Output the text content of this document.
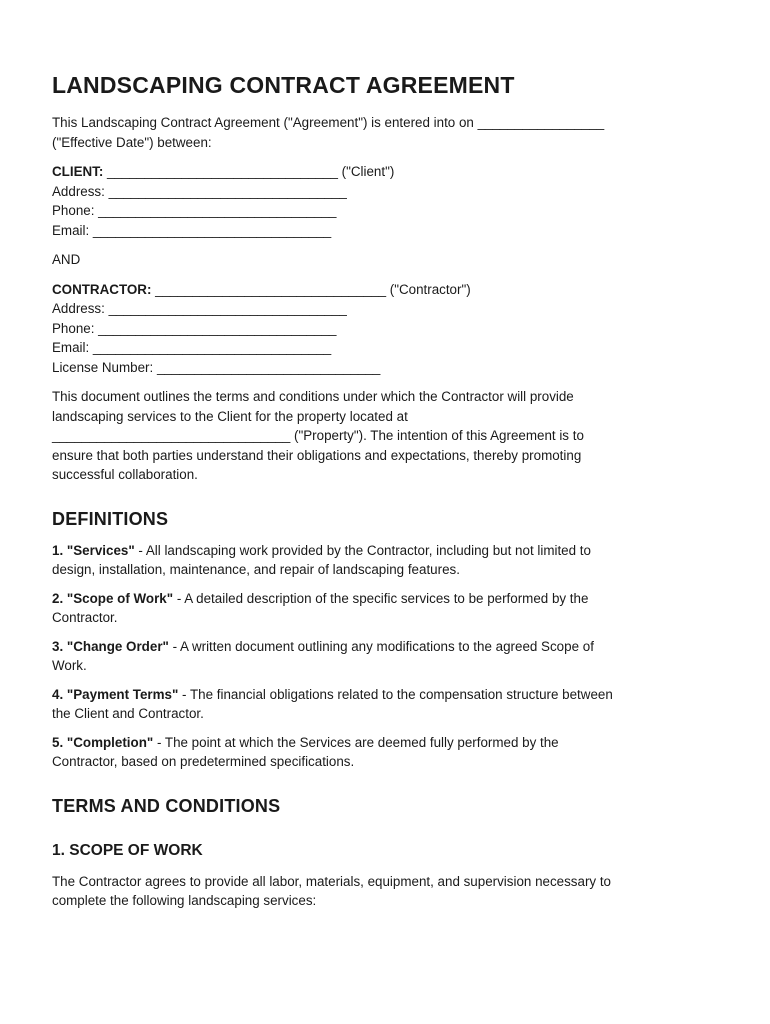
LANDSCAPING CONTRACT AGREEMENT

This Landscaping Contract Agreement ("Agreement") is entered into on _________________
("Effective Date") between:

CLIENT: _______________________________ ("Client")
Address: ________________________________
Phone: ________________________________
Email: ________________________________

AND

CONTRACTOR: _______________________________ ("Contractor")
Address: ________________________________
Phone: ________________________________
Email: ________________________________
License Number: ______________________________

This document outlines the terms and conditions under which the Contractor will provide
landscaping services to the Client for the property located at
________________________________ ("Property"). The intention of this Agreement is to
ensure that both parties understand their obligations and expectations, thereby promoting
successful collaboration.

DEFINITIONS

1. "Services" - All landscaping work provided by the Contractor, including but not limited to
design, installation, maintenance, and repair of landscaping features.

2. "Scope of Work" - A detailed description of the specific services to be performed by the
Contractor.

3. "Change Order" - A written document outlining any modifications to the agreed Scope of
Work.

4. "Payment Terms" - The financial obligations related to the compensation structure between
the Client and Contractor.

5. "Completion" - The point at which the Services are deemed fully performed by the
Contractor, based on predetermined specifications.

TERMS AND CONDITIONS
1. SCOPE OF WORK

The Contractor agrees to provide all labor, materials, equipment, and supervision necessary to
complete the following landscaping services:
